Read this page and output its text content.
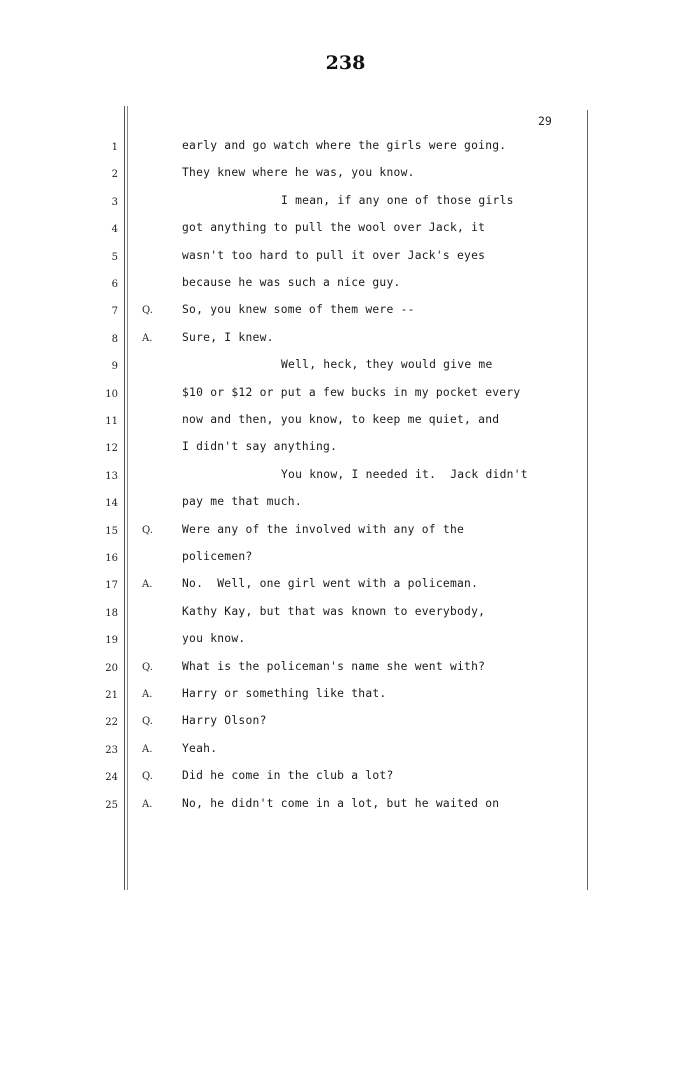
238
29
1	early and go watch where the girls were going.
2	They knew where he was, you know.
3	I mean, if any one of those girls
4	got anything to pull the wool over Jack, it
5	wasn't too hard to pull it over Jack's eyes
6	because he was such a nice guy.
7 Q.	So, you knew some of them were --
8 A.	Sure, I knew.
9	Well, heck, they would give me
10	$10 or $12 or put a few bucks in my pocket every
11	now and then, you know, to keep me quiet, and
12	I didn't say anything.
13	You know, I needed it.  Jack didn't
14	pay me that much.
15 Q.	Were any of the involved with any of the
16	policemen?
17 A.	No.  Well, one girl went with a policeman.
18	Kathy Kay, but that was known to everybody,
19	you know.
20 Q.	What is the policeman's name she went with?
21 A.	Harry or something like that.
22 Q.	Harry Olson?
23 A.	Yeah.
24 Q.	Did he come in the club a lot?
25 A.	No, he didn't come in a lot, but he waited on
